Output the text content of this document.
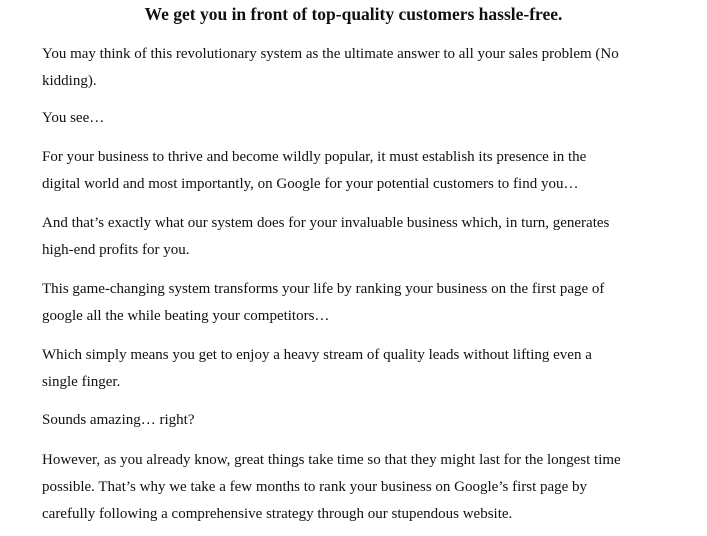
We get you in front of top-quality customers hassle-free.

You may think of this revolutionary system as the ultimate answer to all your sales problem (No
kidding).

You see…

For your business to thrive and become wildly popular, it must establish its presence in the
digital world and most importantly, on Google for your potential customers to find you…

And that’s exactly what our system does for your invaluable business which, in turn, generates
high-end profits for you.

This game-changing system transforms your life by ranking your business on the first page of
google all the while beating your competitors…

Which simply means you get to enjoy a heavy stream of quality leads without lifting even a
single finger.

Sounds amazing… right?

However, as you already know, great things take time so that they might last for the longest time
possible. That’s why we take a few months to rank your business on Google’s first page by
carefully following a comprehensive strategy through our stupendous website.
